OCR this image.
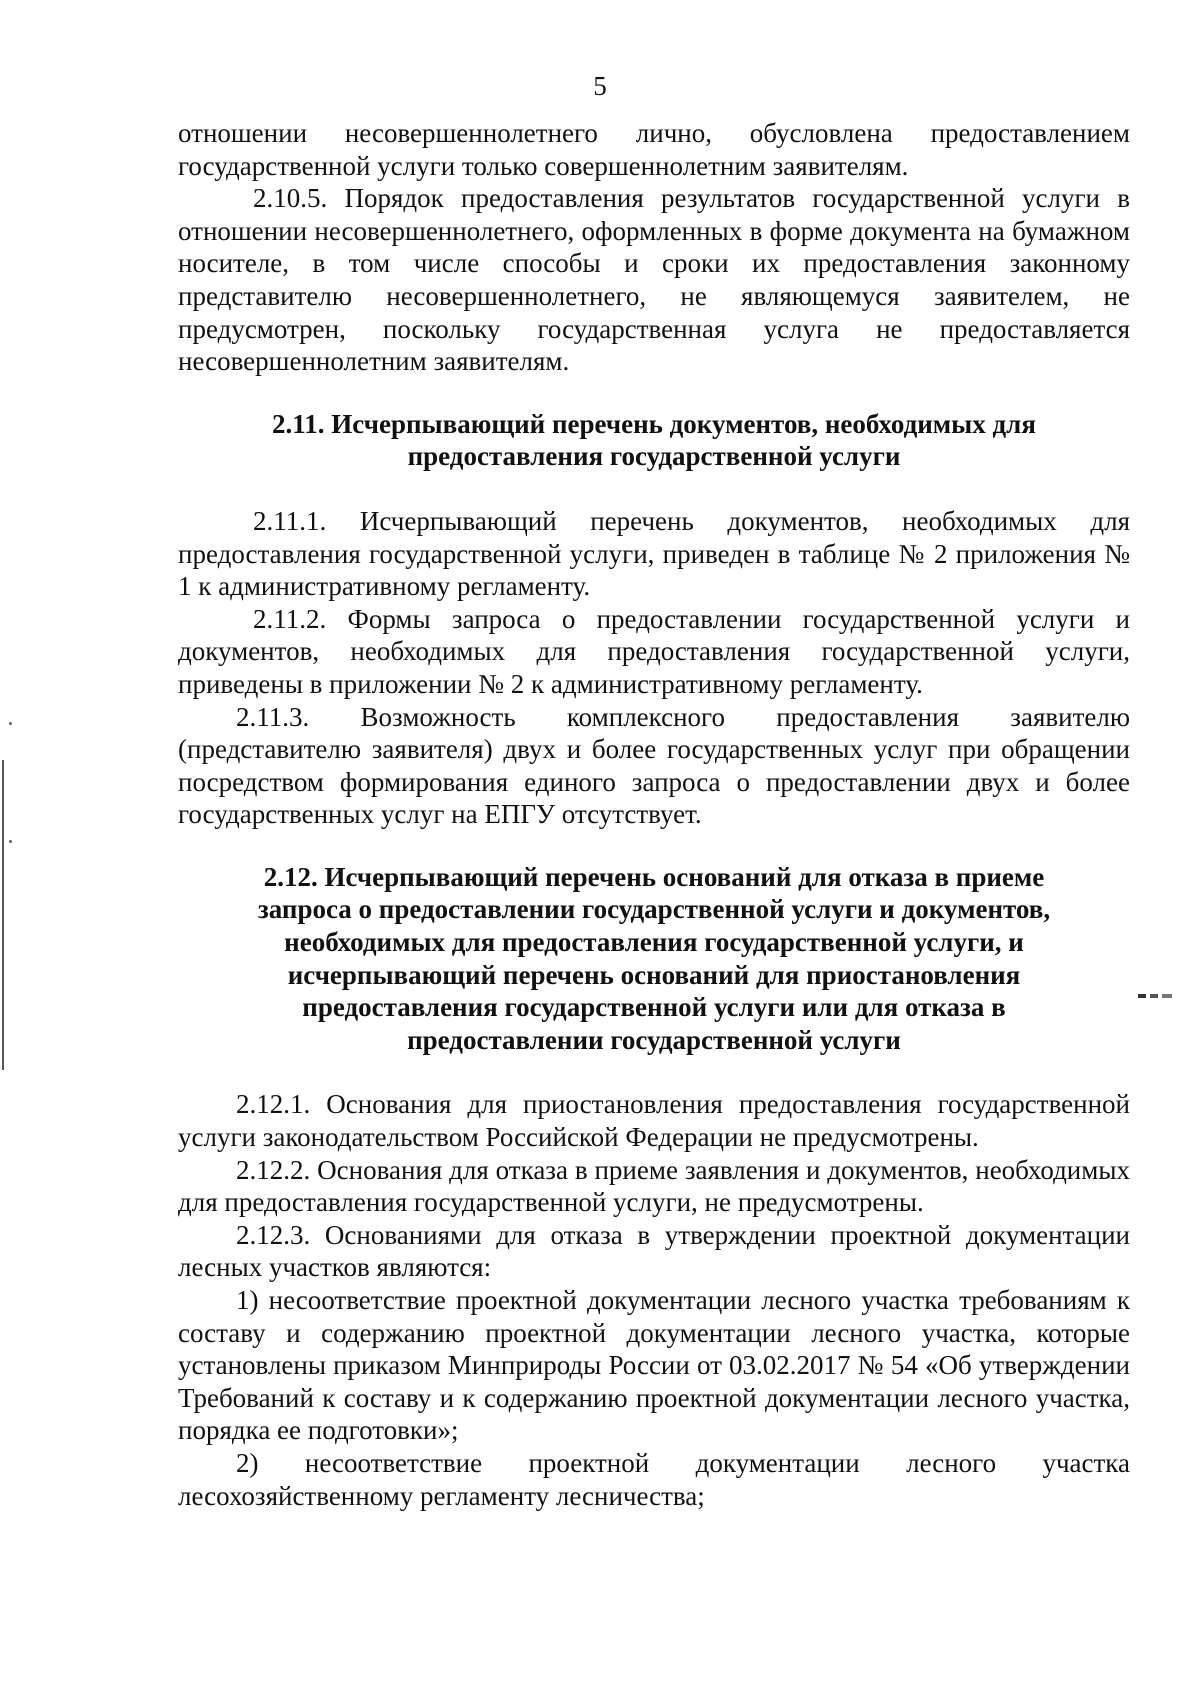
5

отношении несовершеннолетнего лично, обусловлена предоставлением государственной услуги только совершеннолетним заявителям.

2.10.5. Порядок предоставления результатов государственной услуги в отношении несовершеннолетнего, оформленных в форме документа на бумажном носителе, в том числе способы и сроки их предоставления законному представителю несовершеннолетнего, не являющемуся заявителем, не предусмотрен, поскольку государственная услуга не предоставляется несовершеннолетним заявителям.

2.11. Исчерпывающий перечень документов, необходимых для предоставления государственной услуги

2.11.1. Исчерпывающий перечень документов, необходимых для предоставления государственной услуги, приведен в таблице № 2 приложения № 1 к административному регламенту.

2.11.2. Формы запроса о предоставлении государственной услуги и документов, необходимых для предоставления государственной услуги, приведены в приложении № 2 к административному регламенту.

2.11.3. Возможность комплексного предоставления заявителю (представителю заявителя) двух и более государственных услуг при обращении посредством формирования единого запроса о предоставлении двух и более государственных услуг на ЕПГУ отсутствует.

2.12. Исчерпывающий перечень оснований для отказа в приеме запроса о предоставлении государственной услуги и документов, необходимых для предоставления государственной услуги, и исчерпывающий перечень оснований для приостановления предоставления государственной услуги или для отказа в предоставлении государственной услуги

2.12.1. Основания для приостановления предоставления государственной услуги законодательством Российской Федерации не предусмотрены.

2.12.2. Основания для отказа в приеме заявления и документов, необходимых для предоставления государственной услуги, не предусмотрены.

2.12.3. Основаниями для отказа в утверждении проектной документации лесных участков являются:

1) несоответствие проектной документации лесного участка требованиям к составу и содержанию проектной документации лесного участка, которые установлены приказом Минприроды России от 03.02.2017 № 54 «Об утверждении Требований к составу и к содержанию проектной документации лесного участка, порядка ее подготовки»;

2) несоответствие проектной документации лесного участка лесохозяйственному регламенту лесничества;
